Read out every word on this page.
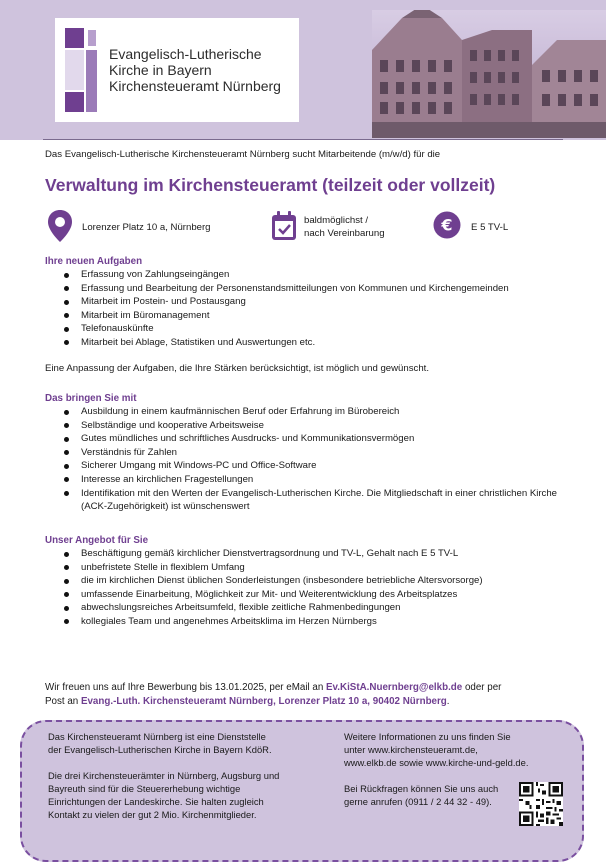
Evangelisch-Lutherische
Kirche in Bayern
Kirchensteueramt Nürnberg
Das Evangelisch-Lutherische Kirchensteueramt Nürnberg sucht Mitarbeitende (m/w/d) für die
Verwaltung im Kirchensteueramt (teilzeit oder vollzeit)
Lorenzer Platz 10 a, Nürnberg
baldmöglichst /
nach Vereinbarung	€ E 5 TV-L
Ihre neuen Aufgaben
Erfassung von Zahlungseingängen
Erfassung und Bearbeitung der Personenstandsmitteilungen von Kommunen und Kirchengemeinden
Mitarbeit im Postein- und Postausgang
Mitarbeit im Büromanagement
Telefonauskünfte
Mitarbeit bei Ablage, Statistiken und Auswertungen etc.
Eine Anpassung der Aufgaben, die Ihre Stärken berücksichtigt, ist möglich und gewünscht.
Das bringen Sie mit
Ausbildung in einem kaufmännischen Beruf oder Erfahrung im Bürobereich
Selbständige und kooperative Arbeitsweise
Gutes mündliches und schriftliches Ausdrucks- und Kommunikationsvermögen
Verständnis für Zahlen
Sicherer Umgang mit Windows-PC und Office-Software
Interesse an kirchlichen Fragestellungen
Identifikation mit den Werten der Evangelisch-Lutherischen Kirche. Die Mitgliedschaft in einer christlichen Kirche (ACK-Zugehörigkeit) ist wünschenswert
Unser Angebot für Sie
Beschäftigung gemäß kirchlicher Dienstvertragsordnung und TV-L, Gehalt nach E 5 TV-L
unbefristete Stelle in flexiblem Umfang
die im kirchlichen Dienst üblichen Sonderleistungen (insbesondere betriebliche Altersvorsorge)
umfassende Einarbeitung, Möglichkeit zur Mit- und Weiterentwicklung des Arbeitsplatzes
abwechslungsreiches Arbeitsumfeld, flexible zeitliche Rahmenbedingungen
kollegiales Team und angenehmes Arbeitsklima im Herzen Nürnbergs
Wir freuen uns auf Ihre Bewerbung bis 13.01.2025, per eMail an Ev.KiStA.Nuernberg@elkb.de oder per
Post an Evang.-Luth. Kirchensteueramt Nürnberg, Lorenzer Platz 10 a, 90402 Nürnberg.
Das Kirchensteueramt Nürnberg ist eine Dienststelle
der Evangelisch-Lutherischen Kirche in Bayern KdöR.
Die drei Kirchensteuerämter in Nürnberg, Augsburg und
Bayreuth sind für die Steuererhebung wichtige
Einrichtungen der Landeskirche. Sie halten zugleich
Kontakt zu vielen der gut 2 Mio. Kirchenmitglieder.
Weitere Informationen zu uns finden Sie
unter www.kirchensteueramt.de,
www.elkb.de sowie www.kirche-und-geld.de.
Bei Rückfragen können Sie uns auch
gerne anrufen (0911 / 2 44 32 - 49).
